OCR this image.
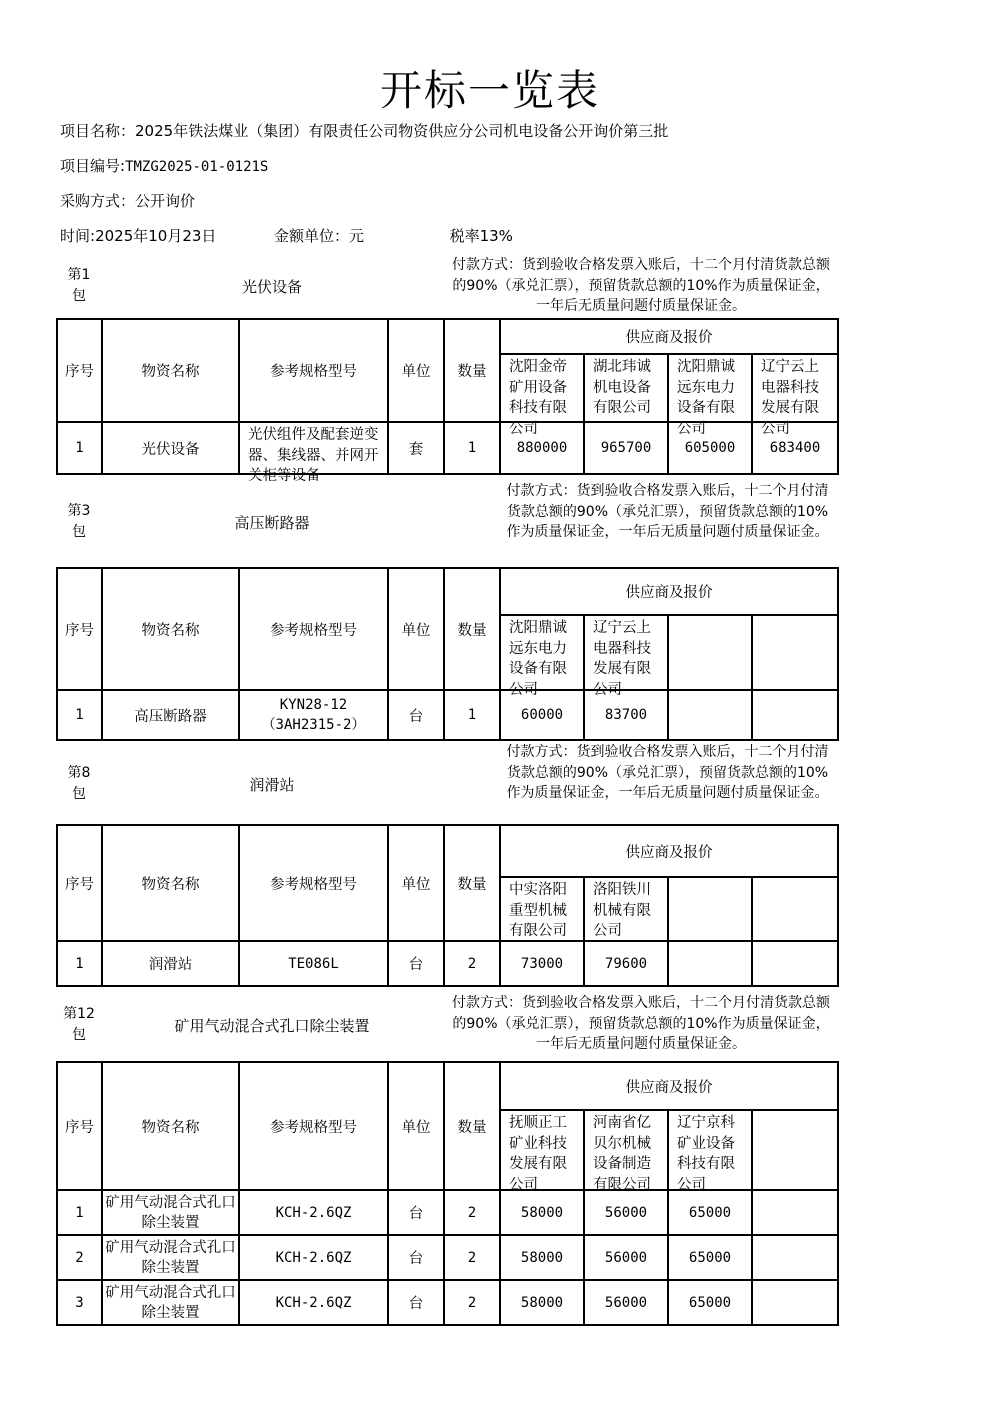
开标一览表
项目名称：2025年铁法煤业（集团）有限责任公司物资供应分公司机电设备公开询价第三批
项目编号:TMZG2025-01-0121S
采购方式：公开询价
时间:2025年10月23日	金额单位：元	税率13%
第1
包	光伏设备
付款方式：货到验收合格发票入账后，十二个月付清货款总额的90%（承兑汇票），预留货款总额的10%作为质量保证金，一年后无质量问题付质量保证金。
序号	物资名称	参考规格型号	单位	数量	供应商及报价			

					沈阳金帝矿用设备科技有限公司	湖北玮诚机电设备有限公司	沈阳鼎诚远东电力设备有限公司	辽宁云上电器科技发展有限公司

1	光伏设备	光伏组件及配套逆变器、集线器、并网开关柜等设备	套	1	880000	965700	605000	683400
第3
包	高压断路器
付款方式：货到验收合格发票入账后，十二个月付清货款总额的90%（承兑汇票），预留货款总额的10%作为质量保证金，一年后无质量问题付质量保证金。
序号	物资名称	参考规格型号	单位	数量	供应商及报价			

					沈阳鼎诚远东电力设备有限公司	辽宁云上电器科技发展有限公司		

1	高压断路器	KYN28-12（3AH2315-2）	台	1	60000	83700		
第8
包	润滑站
付款方式：货到验收合格发票入账后，十二个月付清货款总额的90%（承兑汇票），预留货款总额的10%作为质量保证金，一年后无质量问题付质量保证金。
序号	物资名称	参考规格型号	单位	数量	供应商及报价			

					中实洛阳重型机械有限公司	洛阳铁川机械有限公司		

1	润滑站	TE086L	台	2	73000	79600		
第12
包	矿用气动混合式孔口除尘装置
付款方式：货到验收合格发票入账后，十二个月付清货款总额的90%（承兑汇票），预留货款总额的10%作为质量保证金，一年后无质量问题付质量保证金。
序号	物资名称	参考规格型号	单位	数量	供应商及报价			

					抚顺正工矿业科技发展有限公司	河南省亿贝尔机械设备制造有限公司	辽宁京科矿业设备科技有限公司	

1	矿用气动混合式孔口除尘装置	KCH-2.6QZ	台	2	58000	56000	65000	
2	矿用气动混合式孔口除尘装置	KCH-2.6QZ	台	2	58000	56000	65000	
3	矿用气动混合式孔口除尘装置	KCH-2.6QZ	台	2	58000	56000	65000	
